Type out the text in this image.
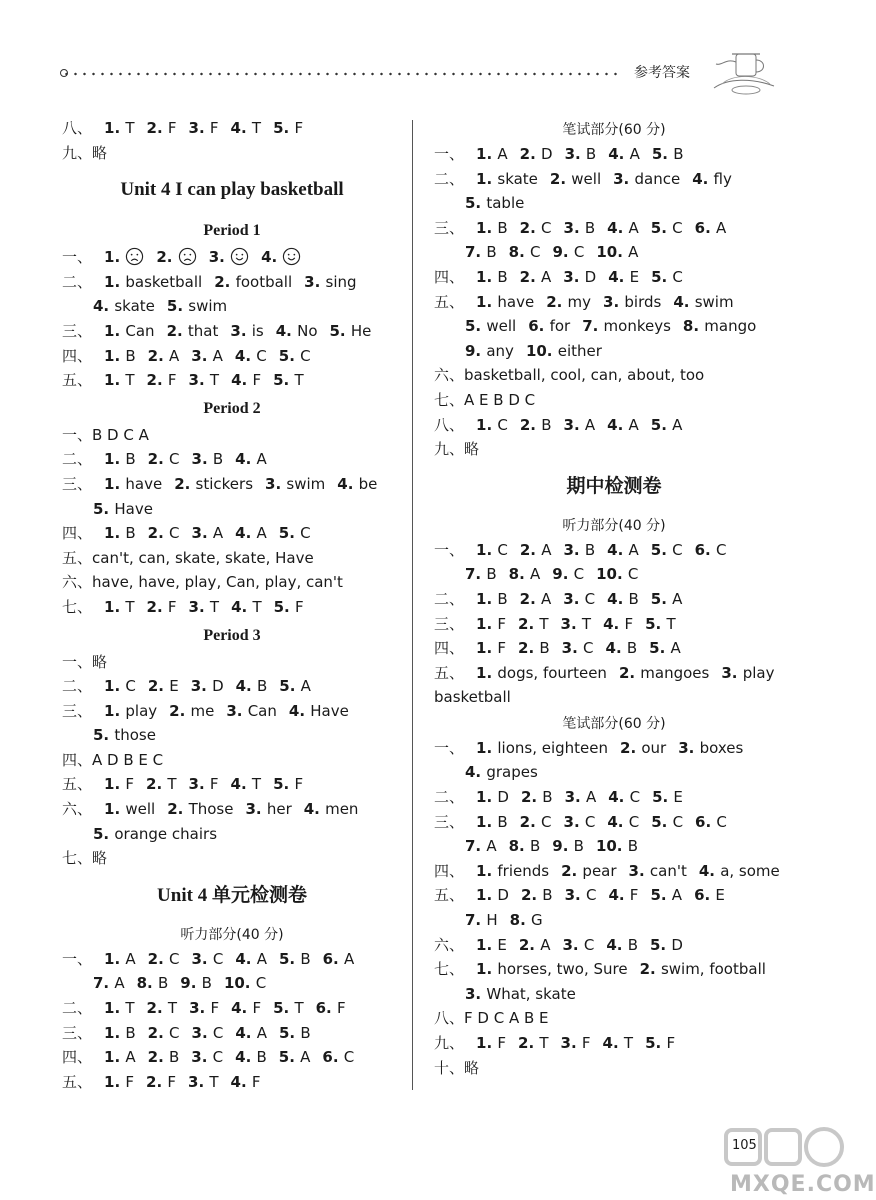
参考答案
八、 1. T 2. F 3. F 4. T 5. F
九、略
Unit 4 I can play basketball
Period 1
一、 1. 2. 3. 4.
二、 1. basketball 2. football 3. sing
4. skate 5. swim
三、 1. Can 2. that 3. is 4. No 5. He
四、 1. B 2. A 3. A 4. C 5. C
五、 1. T 2. F 3. T 4. F 5. T
Period 2
一、B D C A
二、 1. B 2. C 3. B 4. A
三、 1. have 2. stickers 3. swim 4. be
5. Have
四、 1. B 2. C 3. A 4. A 5. C
五、can't, can, skate, skate, Have
六、have, have, play, Can, play, can't
七、 1. T 2. F 3. T 4. T 5. F
Period 3
一、略
二、 1. C 2. E 3. D 4. B 5. A
三、 1. play 2. me 3. Can 4. Have
5. those
四、A D B E C
五、 1. F 2. T 3. F 4. T 5. F
六、 1. well 2. Those 3. her 4. men
5. orange chairs
七、略
Unit 4 单元检测卷
听力部分(40 分)
一、 1. A 2. C 3. C 4. A 5. B 6. A
7. A 8. B 9. B 10. C
二、 1. T 2. T 3. F 4. F 5. T 6. F
三、 1. B 2. C 3. C 4. A 5. B
四、 1. A 2. B 3. C 4. B 5. A 6. C
五、 1. F 2. F 3. T 4. F
笔试部分(60 分)
一、 1. A 2. D 3. B 4. A 5. B
二、 1. skate 2. well 3. dance 4. fly
5. table
三、 1. B 2. C 3. B 4. A 5. C 6. A
7. B 8. C 9. C 10. A
四、 1. B 2. A 3. D 4. E 5. C
五、 1. have 2. my 3. birds 4. swim
5. well 6. for 7. monkeys 8. mango
9. any 10. either
六、basketball, cool, can, about, too
七、A E B D C
八、 1. C 2. B 3. A 4. A 5. A
九、略
期中检测卷
听力部分(40 分)
一、 1. C 2. A 3. B 4. A 5. C 6. C
7. B 8. A 9. C 10. C
二、 1. B 2. A 3. C 4. B 5. A
三、 1. F 2. T 3. T 4. F 5. T
四、 1. F 2. B 3. C 4. B 5. A
五、 1. dogs, fourteen 2. mangoes 3. play
basketball
笔试部分(60 分)
一、 1. lions, eighteen 2. our 3. boxes
4. grapes
二、 1. D 2. B 3. A 4. C 5. E
三、 1. B 2. C 3. C 4. C 5. C 6. C
7. A 8. B 9. B 10. B
四、 1. friends 2. pear 3. can't 4. a, some
五、 1. D 2. B 3. C 4. F 5. A 6. E
7. H 8. G
六、 1. E 2. A 3. C 4. B 5. D
七、 1. horses, two, Sure 2. swim, football
3. What, skate
八、F D C A B E
九、 1. F 2. T 3. F 4. T 5. F
十、略
MXQE.COM
105
